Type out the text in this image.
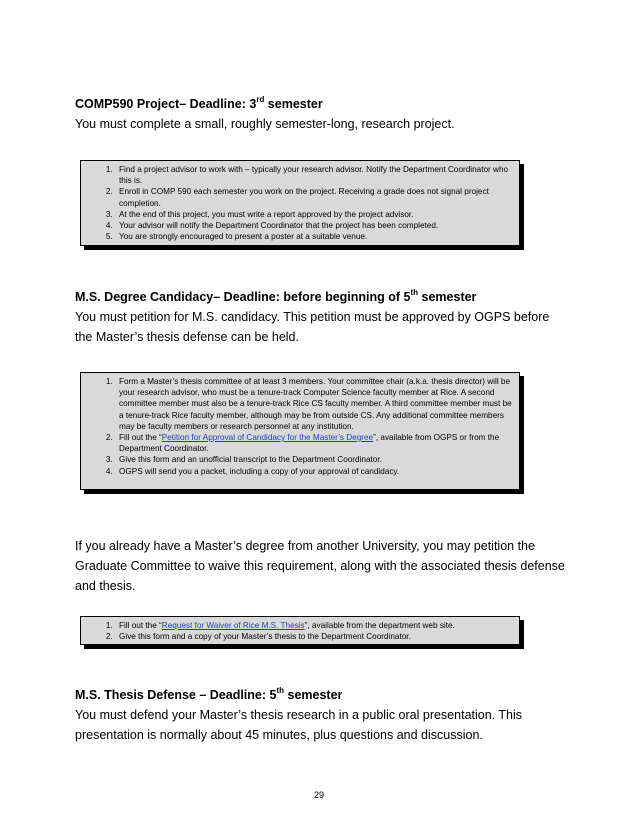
COMP590 Project– Deadline: 3rd semester
You must complete a small, roughly semester-long, research project.
1. Find a project advisor to work with – typically your research advisor. Notify the Department Coordinator who this is.
2. Enroll in COMP 590 each semester you work on the project. Receiving a grade does not signal project completion.
3. At the end of this project, you must write a report approved by the project advisor.
4. Your advisor will notify the Department Coordinator that the project has been completed.
5. You are strongly encouraged to present a poster at a suitable venue.
M.S. Degree Candidacy– Deadline: before beginning of 5th semester
You must petition for M.S. candidacy. This petition must be approved by OGPS before the Master’s thesis defense can be held.
1. Form a Master’s thesis committee of at least 3 members. Your committee chair (a.k.a. thesis director) will be your research advisor, who must be a tenure-track Computer Science faculty member at Rice. A second committee member must also be a tenure-track Rice CS faculty member. A third committee member must be a tenure-track Rice faculty member, although may be from outside CS. Any additional committee members may be faculty members or research personnel at any institution.
2. Fill out the “Petition for Approval of Candidacy for the Master’s Degree”, available from OGPS or from the Department Coordinator.
3. Give this form and an unofficial transcript to the Department Coordinator.
4. OGPS will send you a packet, including a copy of your approval of candidacy.
If you already have a Master’s degree from another University, you may petition the Graduate Committee to waive this requirement, along with the associated thesis defense and thesis.
1. Fill out the “Request for Waiver of Rice M.S. Thesis”, available from the department web site.
2. Give this form and a copy of your Master’s thesis to the Department Coordinator.
M.S. Thesis Defense – Deadline: 5th semester
You must defend your Master’s thesis research in a public oral presentation. This presentation is normally about 45 minutes, plus questions and discussion.
29
